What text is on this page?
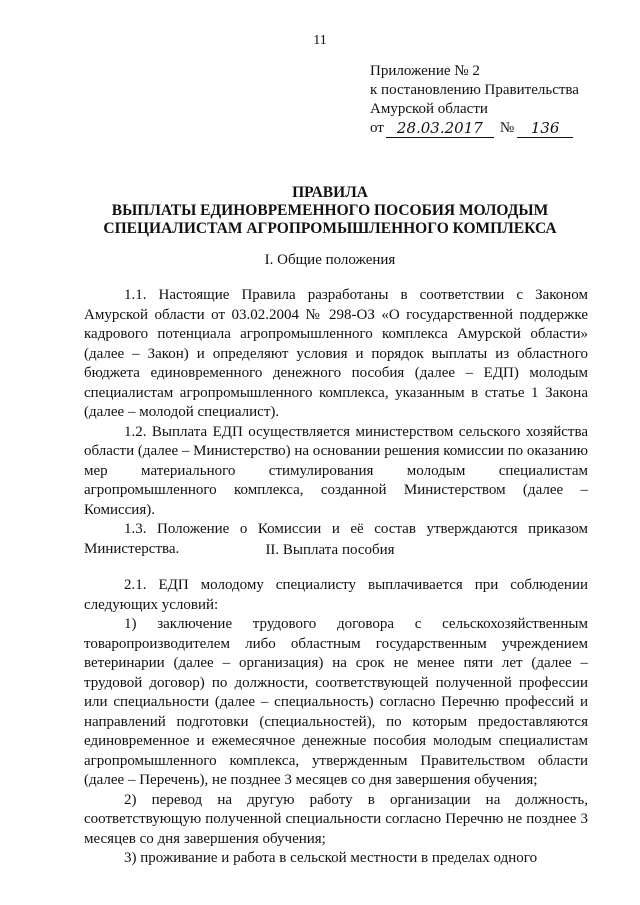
11
Приложение № 2
к постановлению Правительства
Амурской области
от 28.03.2017	№	136
ПРАВИЛА
ВЫПЛАТЫ ЕДИНОВРЕМЕННОГО ПОСОБИЯ МОЛОДЫМ
СПЕЦИАЛИСТАМ АГРОПРОМЫШЛЕННОГО КОМПЛЕКСА
I. Общие положения

1.1. Настоящие Правила разработаны в соответствии с Законом Амурской области от 03.02.2004 № 298-ОЗ «О государственной поддержке кадрового потенциала агропромышленного комплекса Амурской области» (далее – Закон) и определяют условия и порядок выплаты из областного бюджета единовременного денежного пособия (далее – ЕДП) молодым специалистам агропромышленного комплекса, указанным в статье 1 Закона (далее – молодой специалист).

1.2. Выплата ЕДП осуществляется министерством сельского хозяйства области (далее – Министерство) на основании решения комиссии по оказанию мер материального стимулирования молодым специалистам агропромышленного комплекса, созданной Министерством (далее – Комиссия).

1.3. Положение о Комиссии и её состав утверждаются приказом Министерства.	II. Выплата пособия

2.1. ЕДП молодому специалисту выплачивается при соблюдении следующих условий:

1) заключение трудового договора с сельскохозяйственным товаропроизводителем либо областным государственным учреждением ветеринарии (далее – организация) на срок не менее пяти лет (далее – трудовой договор) по должности, соответствующей полученной профессии или специальности (далее – специальность) согласно Перечню профессий и направлений подготовки (специальностей), по которым предоставляются единовременное и ежемесячное денежные пособия молодым специалистам агропромышленного комплекса, утвержденным Правительством области (далее – Перечень), не позднее 3 месяцев со дня завершения обучения;

2) перевод на другую работу в организации на должность, соответствующую полученной специальности согласно Перечню не позднее 3 месяцев со дня завершения обучения;

3) проживание и работа в сельской местности в пределах одного
